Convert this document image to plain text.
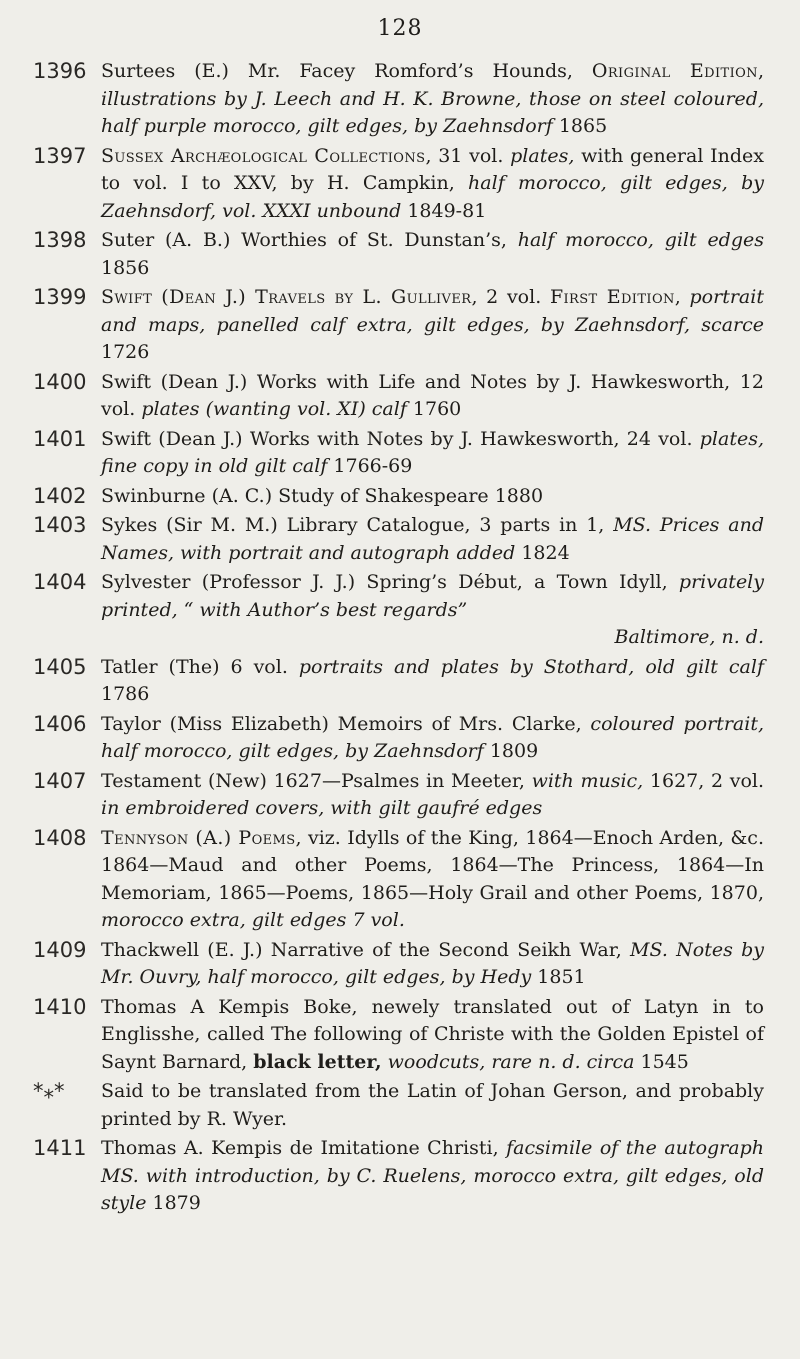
128
1396 Surtees (E.) Mr. Facey Romford’s Hounds, Original Edition, illustrations by J. Leech and H. K. Browne, those on steel coloured, half purple morocco, gilt edges, by Zaehnsdorf 1865
1397 Sussex Archæological Collections, 31 vol. plates, with general Index to vol. I to XXV, by H. Campkin, half morocco, gilt edges, by Zaehnsdorf, vol. XXXI unbound 1849-81
1398 Suter (A. B.) Worthies of St. Dunstan’s, half morocco, gilt edges 1856
1399 Swift (Dean J.) Travels by L. Gulliver, 2 vol. First Edition, portrait and maps, panelled calf extra, gilt edges, by Zaehnsdorf, scarce 1726
1400 Swift (Dean J.) Works with Life and Notes by J. Hawkesworth, 12 vol. plates (wanting vol. XI) calf 1760
1401 Swift (Dean J.) Works with Notes by J. Hawkesworth, 24 vol. plates, fine copy in old gilt calf 1766-69
1402 Swinburne (A. C.) Study of Shakespeare 1880
1403 Sykes (Sir M. M.) Library Catalogue, 3 parts in 1, MS. Prices and Names, with portrait and autograph added 1824
1404 Sylvester (Professor J. J.) Spring’s Début, a Town Idyll, privately printed, “ with Author’s best regards”
Baltimore, n. d.
1405 Tatler (The) 6 vol. portraits and plates by Stothard, old gilt calf 1786
1406 Taylor (Miss Elizabeth) Memoirs of Mrs. Clarke, coloured portrait, half morocco, gilt edges, by Zaehnsdorf 1809
1407 Testament (New) 1627—Psalmes in Meeter, with music, 1627, 2 vol. in embroidered covers, with gilt gaufré edges
1408 Tennyson (A.) Poems, viz. Idylls of the King, 1864—Enoch Arden, &c. 1864—Maud and other Poems, 1864—The Princess, 1864—In Memoriam, 1865—Poems, 1865—Holy Grail and other Poems, 1870, morocco extra, gilt edges 7 vol.
1409 Thackwell (E. J.) Narrative of the Second Seikh War, MS. Notes by Mr. Ouvry, half morocco, gilt edges, by Hedy 1851
1410 Thomas A Kempis Boke, newely translated out of Latyn in to Englisshe, called The following of Christe with the Golden Epistel of Saynt Barnard, black letter, woodcuts, rare n. d. circa 1545
*⁎* Said to be translated from the Latin of Johan Gerson, and probably printed by R. Wyer.
1411 Thomas A. Kempis de Imitatione Christi, facsimile of the autograph MS. with introduction, by C. Ruelens, morocco extra, gilt edges, old style 1879
